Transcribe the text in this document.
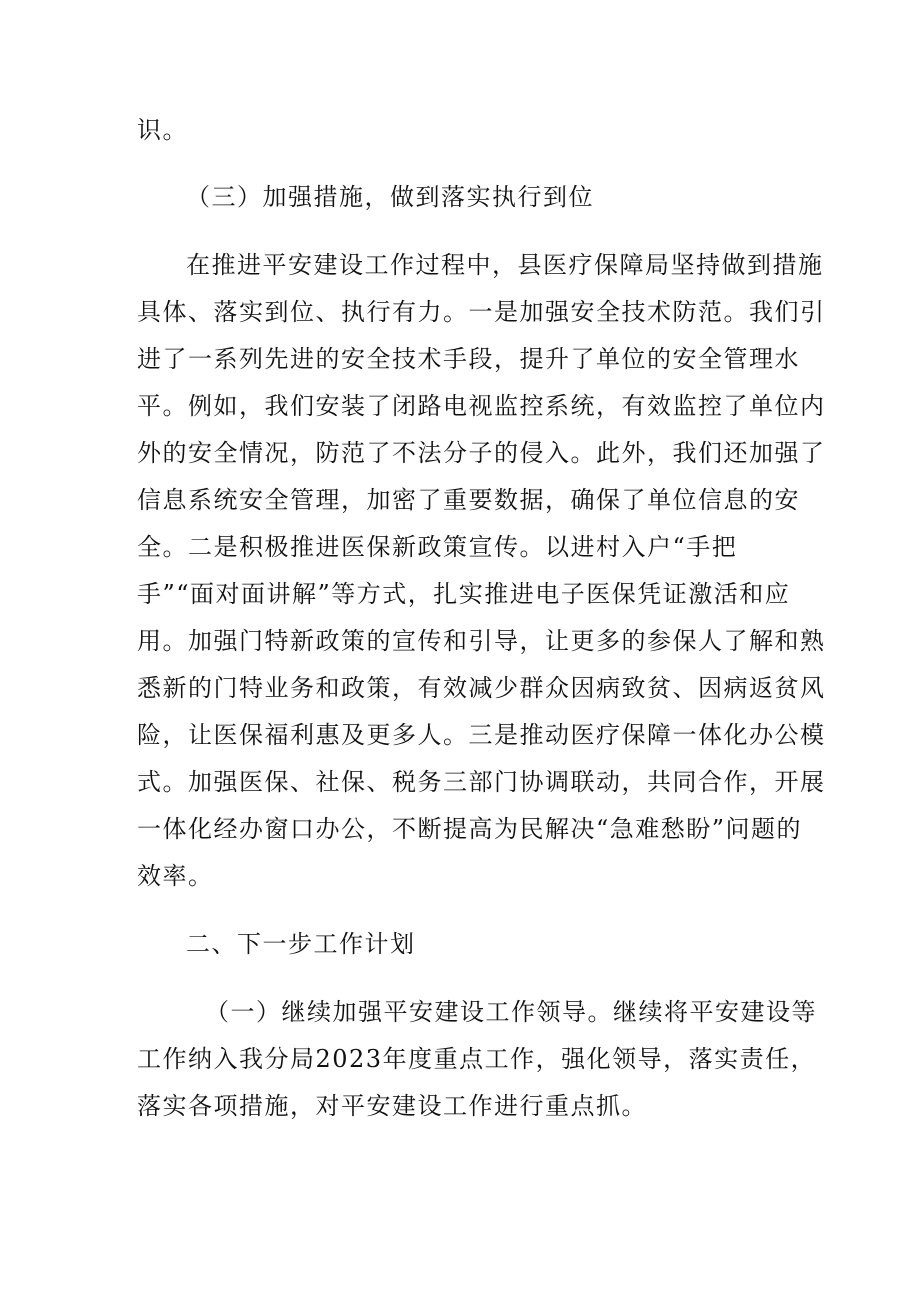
识。
（三）加强措施，做到落实执行到位
在推进平安建设工作过程中，县医疗保障局坚持做到措施
具体、落实到位、执行有力。一是加强安全技术防范。我们引
进了一系列先进的安全技术手段，提升了单位的安全管理水
平。例如，我们安装了闭路电视监控系统，有效监控了单位内
外的安全情况，防范了不法分子的侵入。此外，我们还加强了
信息系统安全管理，加密了重要数据，确保了单位信息的安
全。二是积极推进医保新政策宣传。以进村入户“手把
手”“面对面讲解”等方式，扎实推进电子医保凭证激活和应
用。加强门特新政策的宣传和引导，让更多的参保人了解和熟
悉新的门特业务和政策，有效减少群众因病致贫、因病返贫风
险，让医保福利惠及更多人。三是推动医疗保障一体化办公模
式。加强医保、社保、税务三部门协调联动，共同合作，开展
一体化经办窗口办公，不断提高为民解决“急难愁盼”问题的
效率。
二、下一步工作计划
（一）继续加强平安建设工作领导。继续将平安建设等
工作纳入我分局2023年度重点工作，强化领导，落实责任，
落实各项措施，对平安建设工作进行重点抓。
